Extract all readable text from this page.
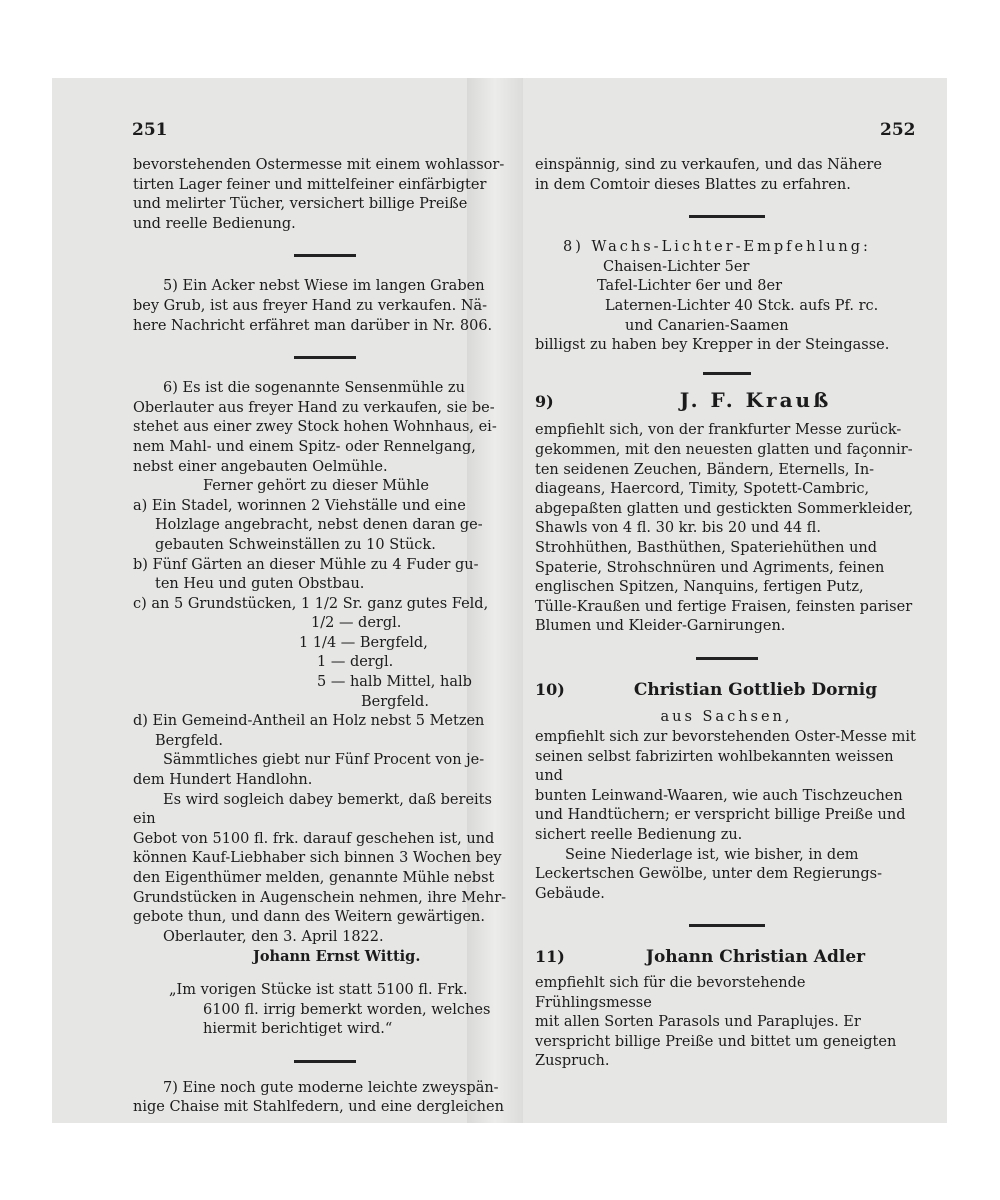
251	252

bevorstehenden Ostermesse mit einem wohlassor-

tirten Lager feiner und mittelfeiner einfärbigter

und melirter Tücher, versichert billige Preiße

und reelle Bedienung.

5) Ein Acker nebst Wiese im langen Graben

bey Grub, ist aus freyer Hand zu verkaufen. Nä-

here Nachricht erfähret man darüber in Nr. 806.

6) Es ist die sogenannte Sensenmühle zu

Oberlauter aus freyer Hand zu verkaufen, sie be-

stehet aus einer zwey Stock hohen Wohnhaus, ei-

nem Mahl- und einem Spitz- oder Rennelgang,

nebst einer angebauten Oelmühle.

Ferner gehört zu dieser Mühle

a) Ein Stadel, worinnen 2 Viehställe und eine

Holzlage angebracht, nebst denen daran ge-

gebauten Schweinställen zu 10 Stück.

b) Fünf Gärten an dieser Mühle zu 4 Fuder gu-

ten Heu und guten Obstbau.

c) an 5 Grundstücken, 1 1/2 Sr. ganz gutes Feld,

1/2 — dergl.

1 1/4 — Bergfeld,

1 — dergl.

5 — halb Mittel, halb

Bergfeld.

d) Ein Gemeind-Antheil an Holz nebst 5 Metzen

Bergfeld.

Sämmtliches giebt nur Fünf Procent von je-

dem Hundert Handlohn.

Es wird sogleich dabey bemerkt, daß bereits ein

Gebot von 5100 fl. frk. darauf geschehen ist, und

können Kauf-Liebhaber sich binnen 3 Wochen bey

den Eigenthümer melden, genannte Mühle nebst

Grundstücken in Augenschein nehmen, ihre Mehr-

gebote thun, und dann des Weitern gewärtigen.

Oberlauter, den 3. April 1822.

Johann Ernst Wittig.

„Im vorigen Stücke ist statt 5100 fl. Frk.

6100 fl. irrig bemerkt worden, welches

hiermit berichtiget wird.“

7) Eine noch gute moderne leichte zweyspän-

nige Chaise mit Stahlfedern, und eine dergleichen

einspännig, sind zu verkaufen, und das Nähere

in dem Comtoir dieses Blattes zu erfahren.

8) Wachs-Lichter-Empfehlung:

Chaisen-Lichter 5er

Tafel-Lichter 6er und 8er

Laternen-Lichter 40 Stck. aufs Pf. rc.

und Canarien-Saamen

billigst zu haben bey Krepper in der Steingasse.

9)	J. F. Krauß

empfiehlt sich, von der frankfurter Messe zurück-

gekommen, mit den neuesten glatten und façonnir-

ten seidenen Zeuchen, Bändern, Eternells, In-

diageans, Haercord, Timity, Spotett-Cambric,

abgepaßten glatten und gestickten Sommerkleider,

Shawls von 4 fl. 30 kr. bis 20 und 44 fl.

Strohhüthen, Basthüthen, Spateriehüthen und

Spaterie, Strohschnüren und Agriments, feinen

englischen Spitzen, Nanquins, fertigen Putz,

Tülle-Kraußen und fertige Fraisen, feinsten pariser

Blumen und Kleider-Garnirungen.

10)	Christian Gottlieb Dornig

aus Sachsen,

empfiehlt sich zur bevorstehenden Oster-Messe mit

seinen selbst fabrizirten wohlbekannten weissen und

bunten Leinwand-Waaren, wie auch Tischzeuchen

und Handtüchern; er verspricht billige Preiße und

sichert reelle Bedienung zu.

Seine Niederlage ist, wie bisher, in dem

Leckertschen Gewölbe, unter dem Regierungs-

Gebäude.

11)	Johann Christian Adler

empfiehlt sich für die bevorstehende Frühlingsmesse

mit allen Sorten Parasols und Paraplujes. Er

verspricht billige Preiße und bittet um geneigten

Zuspruch.
